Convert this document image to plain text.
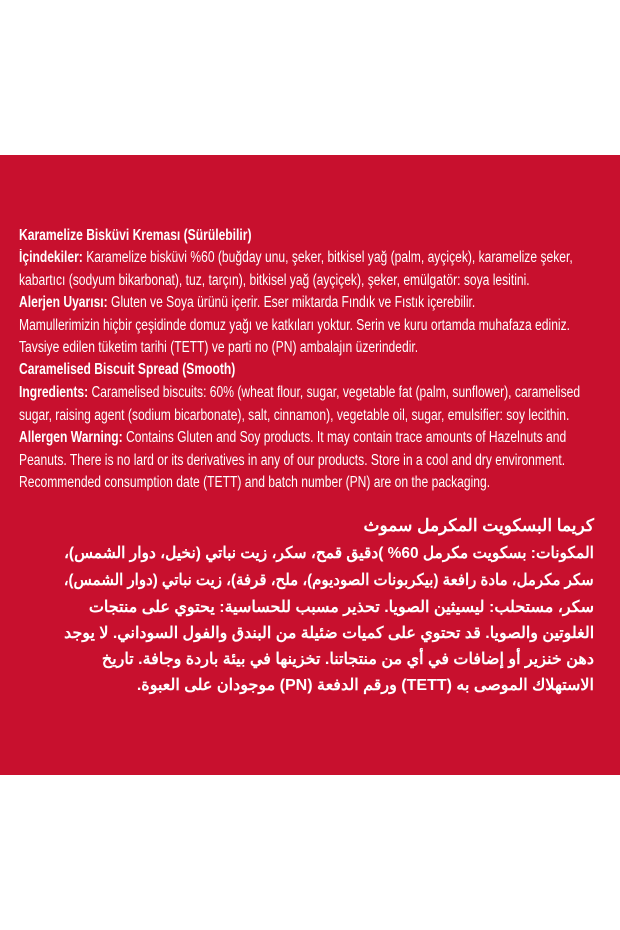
Karamelize Bisküvi Kreması (Sürülebilir)
İçindekiler: Karamelize bisküvi %60 (buğday unu, şeker, bitkisel yağ (palm, ayçiçek), karamelize şeker,
kabartıcı (sodyum bikarbonat), tuz, tarçın), bitkisel yağ (ayçiçek), şeker, emülgatör: soya lesitini.
Alerjen Uyarısı: Gluten ve Soya ürünü içerir. Eser miktarda Fındık ve Fıstık içerebilir.
Mamullerimizin hiçbir çeşidinde domuz yağı ve katkıları yoktur. Serin ve kuru ortamda muhafaza ediniz.
Tavsiye edilen tüketim tarihi (TETT) ve parti no (PN) ambalajın üzerindedir.
Caramelised Biscuit Spread (Smooth)
Ingredients: Caramelised biscuits: 60% (wheat flour, sugar, vegetable fat (palm, sunflower), caramelised
sugar, raising agent (sodium bicarbonate), salt, cinnamon), vegetable oil, sugar, emulsifier: soy lecithin.
Allergen Warning: Contains Gluten and Soy products. It may contain trace amounts of Hazelnuts and
Peanuts. There is no lard or its derivatives in any of our products. Store in a cool and dry environment.
Recommended consumption date (TETT) and batch number (PN) are on the packaging.
كريما البسكويت المكرمل سموث
المكونات: بسكويت مكرمل 60% )دقيق قمح، سكر، زيت نباتي (نخيل، دوار الشمس)،
سكر مكرمل، مادة رافعة (بيكربونات الصوديوم)، ملح، قرفة)، زيت نباتي (دوار الشمس)،
سكر، مستحلب: ليسيثين الصويا. تحذير مسبب للحساسية: يحتوي على منتجات
الغلوتين والصويا. قد تحتوي على كميات ضئيلة من البندق والفول السوداني. لا يوجد
دهن خنزير أو إضافات في أي من منتجاتنا. تخزينها في بيئة باردة وجافة. تاريخ
الاستهلاك الموصى به (TETT) ورقم الدفعة (PN) موجودان على العبوة.
